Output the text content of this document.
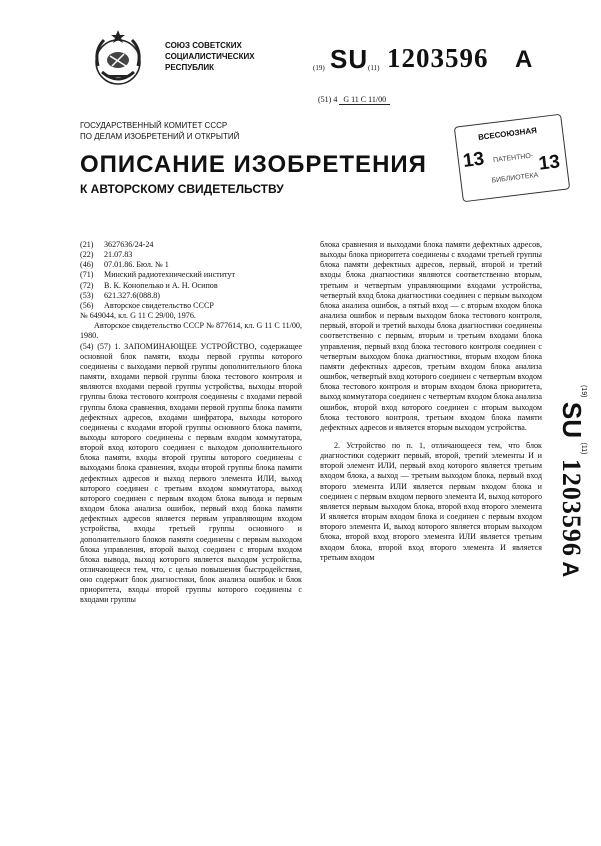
СОЮЗ СОВЕТСКИХ
СОЦИАЛИСТИЧЕСКИХ
РЕСПУБЛИК	(19) SU (11) 1203596 A
(51) 4 G 11 C 11/00
ГОСУДАРСТВЕННЫЙ КОМИТЕТ СССР
ПО ДЕЛАМ ИЗОБРЕТЕНИЙ И ОТКРЫТИЙ	ВСЕСОЮЗНАЯ
13 ПАТЕНТНО- 13
БИБЛИОТЕКА
ОПИСАНИЕ ИЗОБРЕТЕНИЯ
К АВТОРСКОМУ СВИДЕТЕЛЬСТВУ
(21) 3627636/24-24
(22) 21.07.83
(46) 07.01.86. Бюл. № 1
(71) Минский радиотехнический институт
(72) В. К. Конопелько и А. Н. Осипов
(53) 621.327.6(088.8)
(56) Авторское свидетельство СССР

№ 649044, кл. G 11 С 29/00, 1976.

Авторское свидетельство СССР № 877614, кл. G 11 С 11/00, 1980.

(54) (57) 1. ЗАПОМИНАЮЩЕЕ УСТРОЙСТВО, содержащее основной блок памяти, входы первой группы которого соединены с выходами первой группы дополнительного блока памяти, входами первой группы блока тестового контроля и являются входами первой группы устройства, выходы второй группы блока тестового контроля соединены с входами первой группы блока сравнения, входами первой группы блока памяти дефектных адресов, входами шифратора, выходы которого соединены с входами второй группы основного блока памяти, выходы которого соединены с первым входом коммутатора, второй вход которого соединен с выходом дополнительного блока памяти, входы второй группы которого соединены с выходами блока сравнения, входы второй группы блока памяти дефектных адресов и выход первого элемента ИЛИ, выход которого соединен с третьим входом коммутатора, выход которого соединен с первым входом блока вывода и первым входом блока анализа ошибок, первый вход блока памяти дефектных адресов является первым управляющим входом устройства, входы третьей группы основного и дополнительного блоков памяти соединены с первым выходом блока управления, второй выход соединен с вторым входом блока вывода, выход которого является выходом устройства, отличающееся тем, что, с целью повышения быстродействия, оно содержит блок диагностики, блок анализа ошибок и блок приоритета, входы второй группы которого соединены с входами группы

блока сравнения и выходами блока памяти дефектных адресов, выходы блока приоритета соединены с входами третьей группы блока памяти дефектных адресов, первый, второй и третий входы блока диагностики являются соответственно вторым, третьим и четвертым управляющими входами устройства, четвертый вход блока диагностики соединен с первым выходом блока анализа ошибок, а пятый вход — с вторым входом блока анализа ошибок и первым выходом блока тестового контроля, первый, второй и третий выходы блока диагностики соединены соответственно с первым, вторым и третьим входами блока управления, первый вход блока тестового контроля соединен с четвертым выходом блока диагностики, вторым входом блока памяти дефектных адресов, третьим входом блока анализа ошибок, четвертый вход которого соединен с четвертым входом блока тестового контроля и вторым входом блока приоритета, выход коммутатора соединен с четвертым входом блока анализа ошибок, второй вход которого соединен с вторым выходом блока тестового контроля, третьим входом блока памяти дефектных адресов и является вторым выходом устройства.

2. Устройство по п. 1, отличающееся тем, что блок диагностики содержит первый, второй, третий элементы И и второй элемент ИЛИ, первый вход которого является третьим входом блока, а выход — третьим выходом блока, первый вход второго элемента ИЛИ является первым входом блока и соединен с первым входом первого элемента И, выход которого является первым выходом блока, второй вход второго элемента И является вторым входом блока и соединен с первым входом второго элемента И, выход которого является вторым выходом блока, второй вход второго элемента ИЛИ является третьим входом блока, второй вход второго элемента И является третьим входом

$^{(19)}$ SU $^{(11)}$ 1203596 A
